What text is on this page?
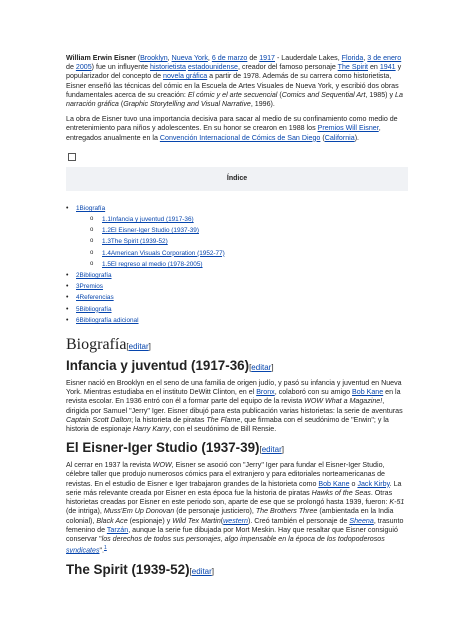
William Erwin Eisner (Brooklyn, Nueva York, 6 de marzo de 1917 - Lauderdale Lakes, Florida, 3 de enero de 2005) fue un influyente historietista estadounidense, creador del famoso personaje The Spirit en 1941 y popularizador del concepto de novela gráfica a partir de 1978. Además de su carrera como historietista, Eisner enseñó las técnicas del cómic en la Escuela de Artes Visuales de Nueva York, y escribió dos obras fundamentales acerca de su creación: El cómic y el arte secuencial (Comics and Sequential Art, 1985) y La narración gráfica (Graphic Storytelling and Visual Narrative, 1996).

La obra de Eisner tuvo una importancia decisiva para sacar al medio de su confinamiento como medio de entretenimiento para niños y adolescentes. En su honor se crearon en 1988 los Premios Will Eisner, entregados anualmente en la Convención Internacional de Cómics de San Diego (California).

Índice
• 1Biografía
o 1.1Infancia y juventud (1917-36)
o 1.2El Eisner-Iger Studio (1937-39)
o 1.3The Spirit (1939-52)
o 1.4American Visuals Corporation (1952-77)
o 1.5El regreso al medio (1978-2005)
• 2Bibliografía
• 3Premios
• 4Referencias
• 5Bibliografía
• 6Bibliografía adicional
Biografía[editar]
Infancia y juventud (1917-36)[editar]

Eisner nació en Brooklyn en el seno de una familia de origen judío, y pasó su infancia y juventud en Nueva York. Mientras estudiaba en el instituto DeWitt Clinton, en el Bronx, colaboró con su amigo Bob Kane en la revista escolar. En 1936 entró con él a formar parte del equipo de la revista WOW What a Magazine!, dirigida por Samuel "Jerry" Iger. Eisner dibujó para esta publicación varias historietas: la serie de aventuras Captain Scott Dalton; la historieta de piratas The Flame, que firmaba con el seudónimo de "Erwin"; y la historia de espionaje Harry Karry, con el seudónimo de Bill Rensie.

El Eisner-Iger Studio (1937-39)[editar]

Al cerrar en 1937 la revista WOW, Eisner se asoció con "Jerry" Iger para fundar el Eisner-Iger Studio, célebre taller que produjo numerosos cómics para el extranjero y para editoriales norteamericanas de revistas. En el estudio de Eisner e Iger trabajaron grandes de la historieta como Bob Kane o Jack Kirby. La serie más relevante creada por Eisner en esta época fue la historia de piratas Hawks of the Seas. Otras historietas creadas por Eisner en este periodo son, aparte de ese que se prolongó hasta 1939, fueron: K-51 (de intriga), Muss'Em Up Donovan (de personaje justiciero), The Brothers Three (ambientada en la India colonial), Black Ace (espionaje) y Wild Tex Martin(western). Creó también el personaje de Sheena, trasunto femenino de Tarzán, aunque la serie fue dibujada por Mort Meskin. Hay que resaltar que Eisner consiguió conservar "los derechos de todos sus personajes, algo impensable en la época de los todopoderosos syndicates".$^1$

The Spirit (1939-52)[editar]
